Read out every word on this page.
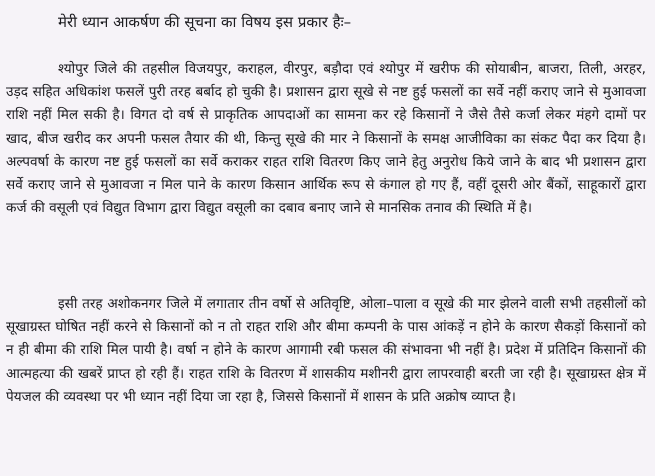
मेरी ध्यान आकर्षण की सूचना का विषय इस प्रकार हैः–

श्योपुर जिले की तहसील विजयपुर, कराहल, वीरपुर, बड़ौदा एवं श्योपुर में खरीफ की सोयाबीन, बाजरा, तिली, अरहर, उड़द सहित अधिकांश फसलें पुरी तरह बर्बाद हो चुकी है। प्रशासन द्वारा सूखे से नष्ट हुई फसलों का सर्वे नहीं कराए जाने से मुआवजा राशि नहीं मिल सकी है। विगत दो वर्ष से प्राकृतिक आपदाओं का सामना कर रहे किसानों ने जैसे तैसे कर्जा लेकर मंहगे दामों पर खाद, बीज खरीद कर अपनी फसल तैयार की थी, किन्तु सूखे की मार ने किसानों के समक्ष आजीविका का संकट पैदा कर दिया है। अल्पवर्षा के कारण नष्ट हुई फसलों का सर्वे कराकर राहत राशि वितरण किए जाने हेतु अनुरोध किये जाने के बाद भी प्रशासन द्वारा सर्वे कराए जाने से मुआवजा न मिल पाने के कारण किसान आर्थिक रूप से कंगाल हो गए हैं, वहीं दूसरी ओर बैंकों, साहूकारों द्वारा कर्ज की वसूली एवं विद्युत विभाग द्वारा विद्युत वसूली का दबाव बनाए जाने से मानसिक तनाव की स्थिति में है।

इसी तरह अशोकनगर जिले में लगातार तीन वर्षो से अतिवृष्टि, ओला–पाला व सूखे की मार झेलने वाली सभी तहसीलों को सूखाग्रस्त घोषित नहीं करने से किसानों को न तो राहत राशि और बीमा कम्पनी के पास आंकड़ें न होने के कारण सैकड़ों किसानों को न ही बीमा की राशि मिल पायी है। वर्षा न होने के कारण आगामी रबी फसल की संभावना भी नहीं है। प्रदेश में प्रतिदिन किसानों की आत्महत्या की खबरें प्राप्त हो रही हैं। राहत राशि के वितरण में शासकीय मशीनरी द्वारा लापरवाही बरती जा रही है। सूखाग्रस्त क्षेत्र में पेयजल की व्यवस्था पर भी ध्यान नहीं दिया जा रहा है, जिससे किसानों में शासन के प्रति अक्रोष व्याप्त है।
